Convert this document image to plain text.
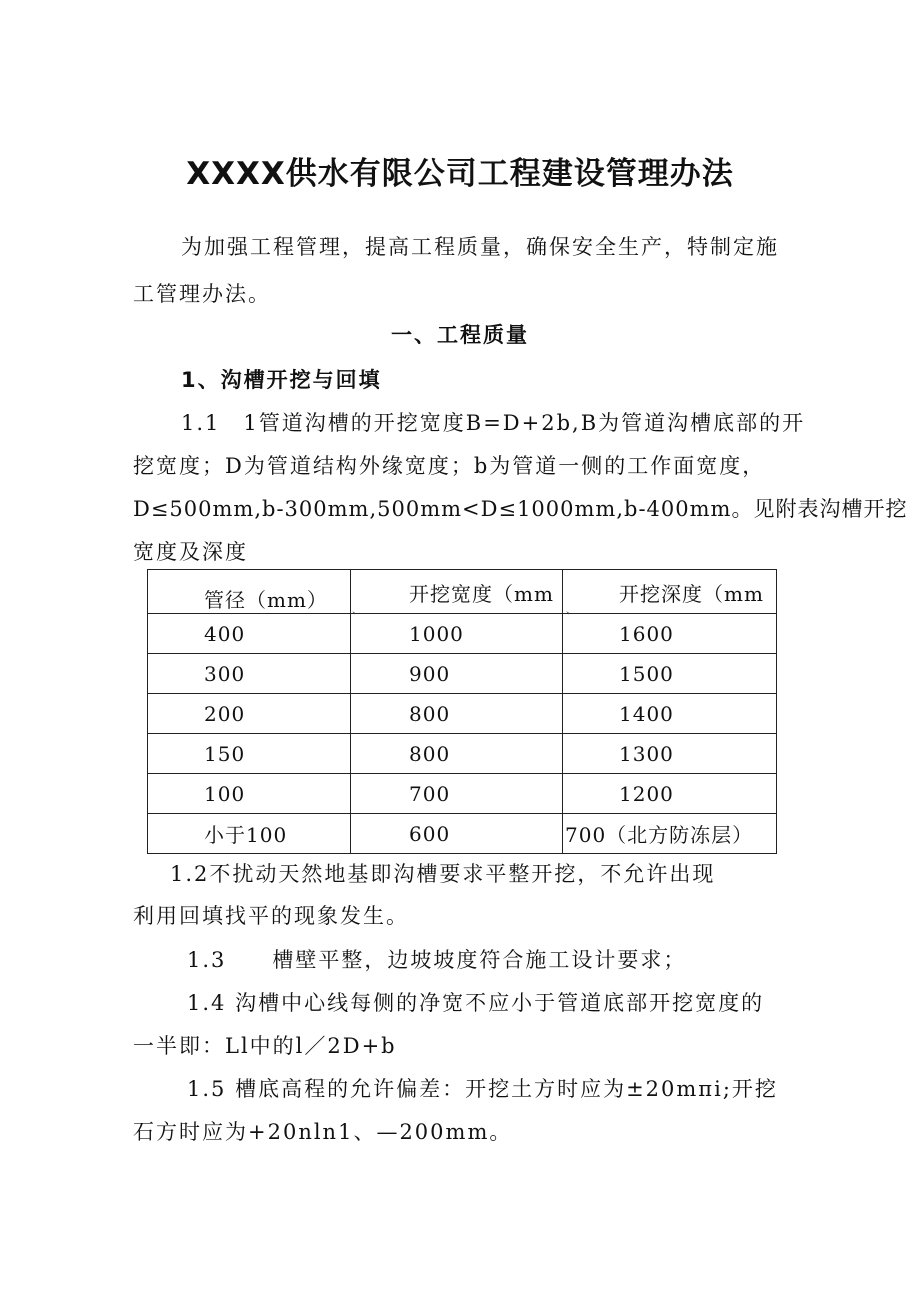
XXXX供水有限公司工程建设管理办法
为加强工程管理，提高工程质量，确保安全生产，特制定施
工管理办法。
一、工程质量
1、沟槽开挖与回填
1.1　1管道沟槽的开挖宽度B=D+2b,B为管道沟槽底部的开
挖宽度；D为管道结构外缘宽度；b为管道一侧的工作面宽度，
D≤500mm,b-300mm,500mm<D≤1000mm,b-400mm。见附表沟槽开挖
宽度及深度
管径（mm）	开挖宽度（mm	开挖深度（mm
400	1000	1600
300	900	1500
200	800	1400
150	800	1300
100	700	1200
小于100	600	700（北方防冻层）
、	、
1.2不扰动天然地基即沟槽要求平整开挖，不允许出现
利用回填找平的现象发生。
1.3　　槽壁平整，边坡坡度符合施工设计要求；
1.4 沟槽中心线每侧的净宽不应小于管道底部开挖宽度的
一半即：Ll中的l／2D+b
1.5 槽底高程的允许偏差：开挖土方时应为±20mπi;开挖
石方时应为+20nln1、—200mm。
